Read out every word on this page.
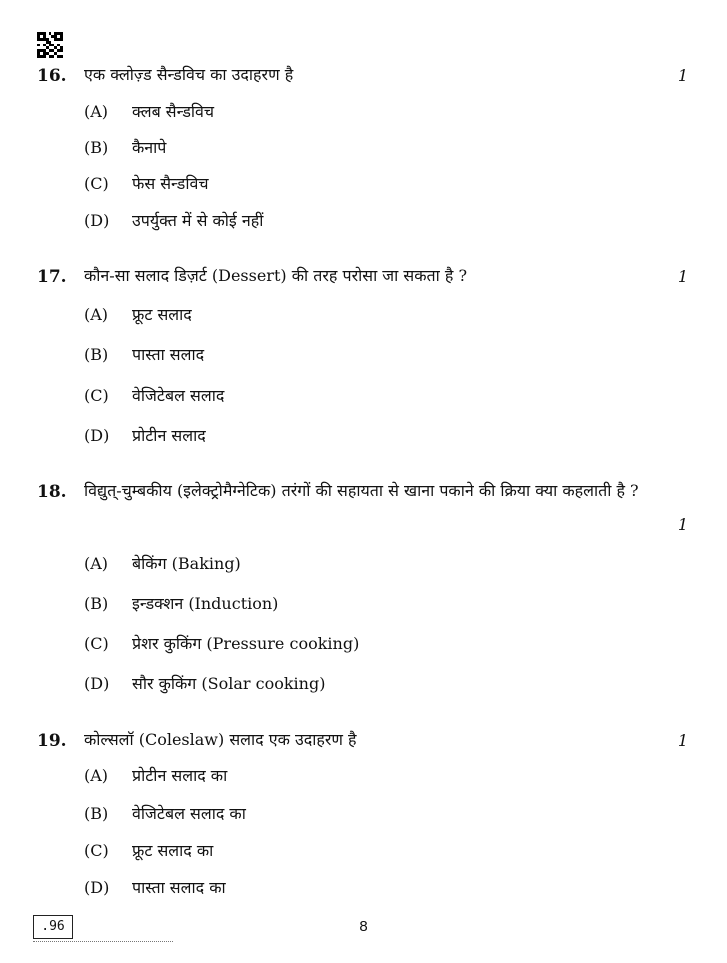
16. एक क्लोज़्ड सैन्डविच का उदाहरण है	1
(A) क्लब सैन्डविच
(B) कैनापे
(C) फेस सैन्डविच
(D) उपर्युक्त में से कोई नहीं
17. कौन-सा सलाद डिज़र्ट (Dessert) की तरह परोसा जा सकता है ?	1
(A) फ्रूट सलाद
(B) पास्ता सलाद
(C) वेजिटेबल सलाद
(D) प्रोटीन सलाद
18. विद्युत्-चुम्बकीय (इलेक्ट्रोमैग्नेटिक) तरंगों की सहायता से खाना पकाने की क्रिया क्या कहलाती है ?
1
(A) बेकिंग (Baking)
(B) इन्डक्शन (Induction)
(C) प्रेशर कुकिंग (Pressure cooking)
(D) सौर कुकिंग (Solar cooking)
19. कोल्सलॉ (Coleslaw) सलाद एक उदाहरण है	1
(A) प्रोटीन सलाद का
(B) वेजिटेबल सलाद का
(C) फ्रूट सलाद का
(D) पास्ता सलाद का
.96	8
